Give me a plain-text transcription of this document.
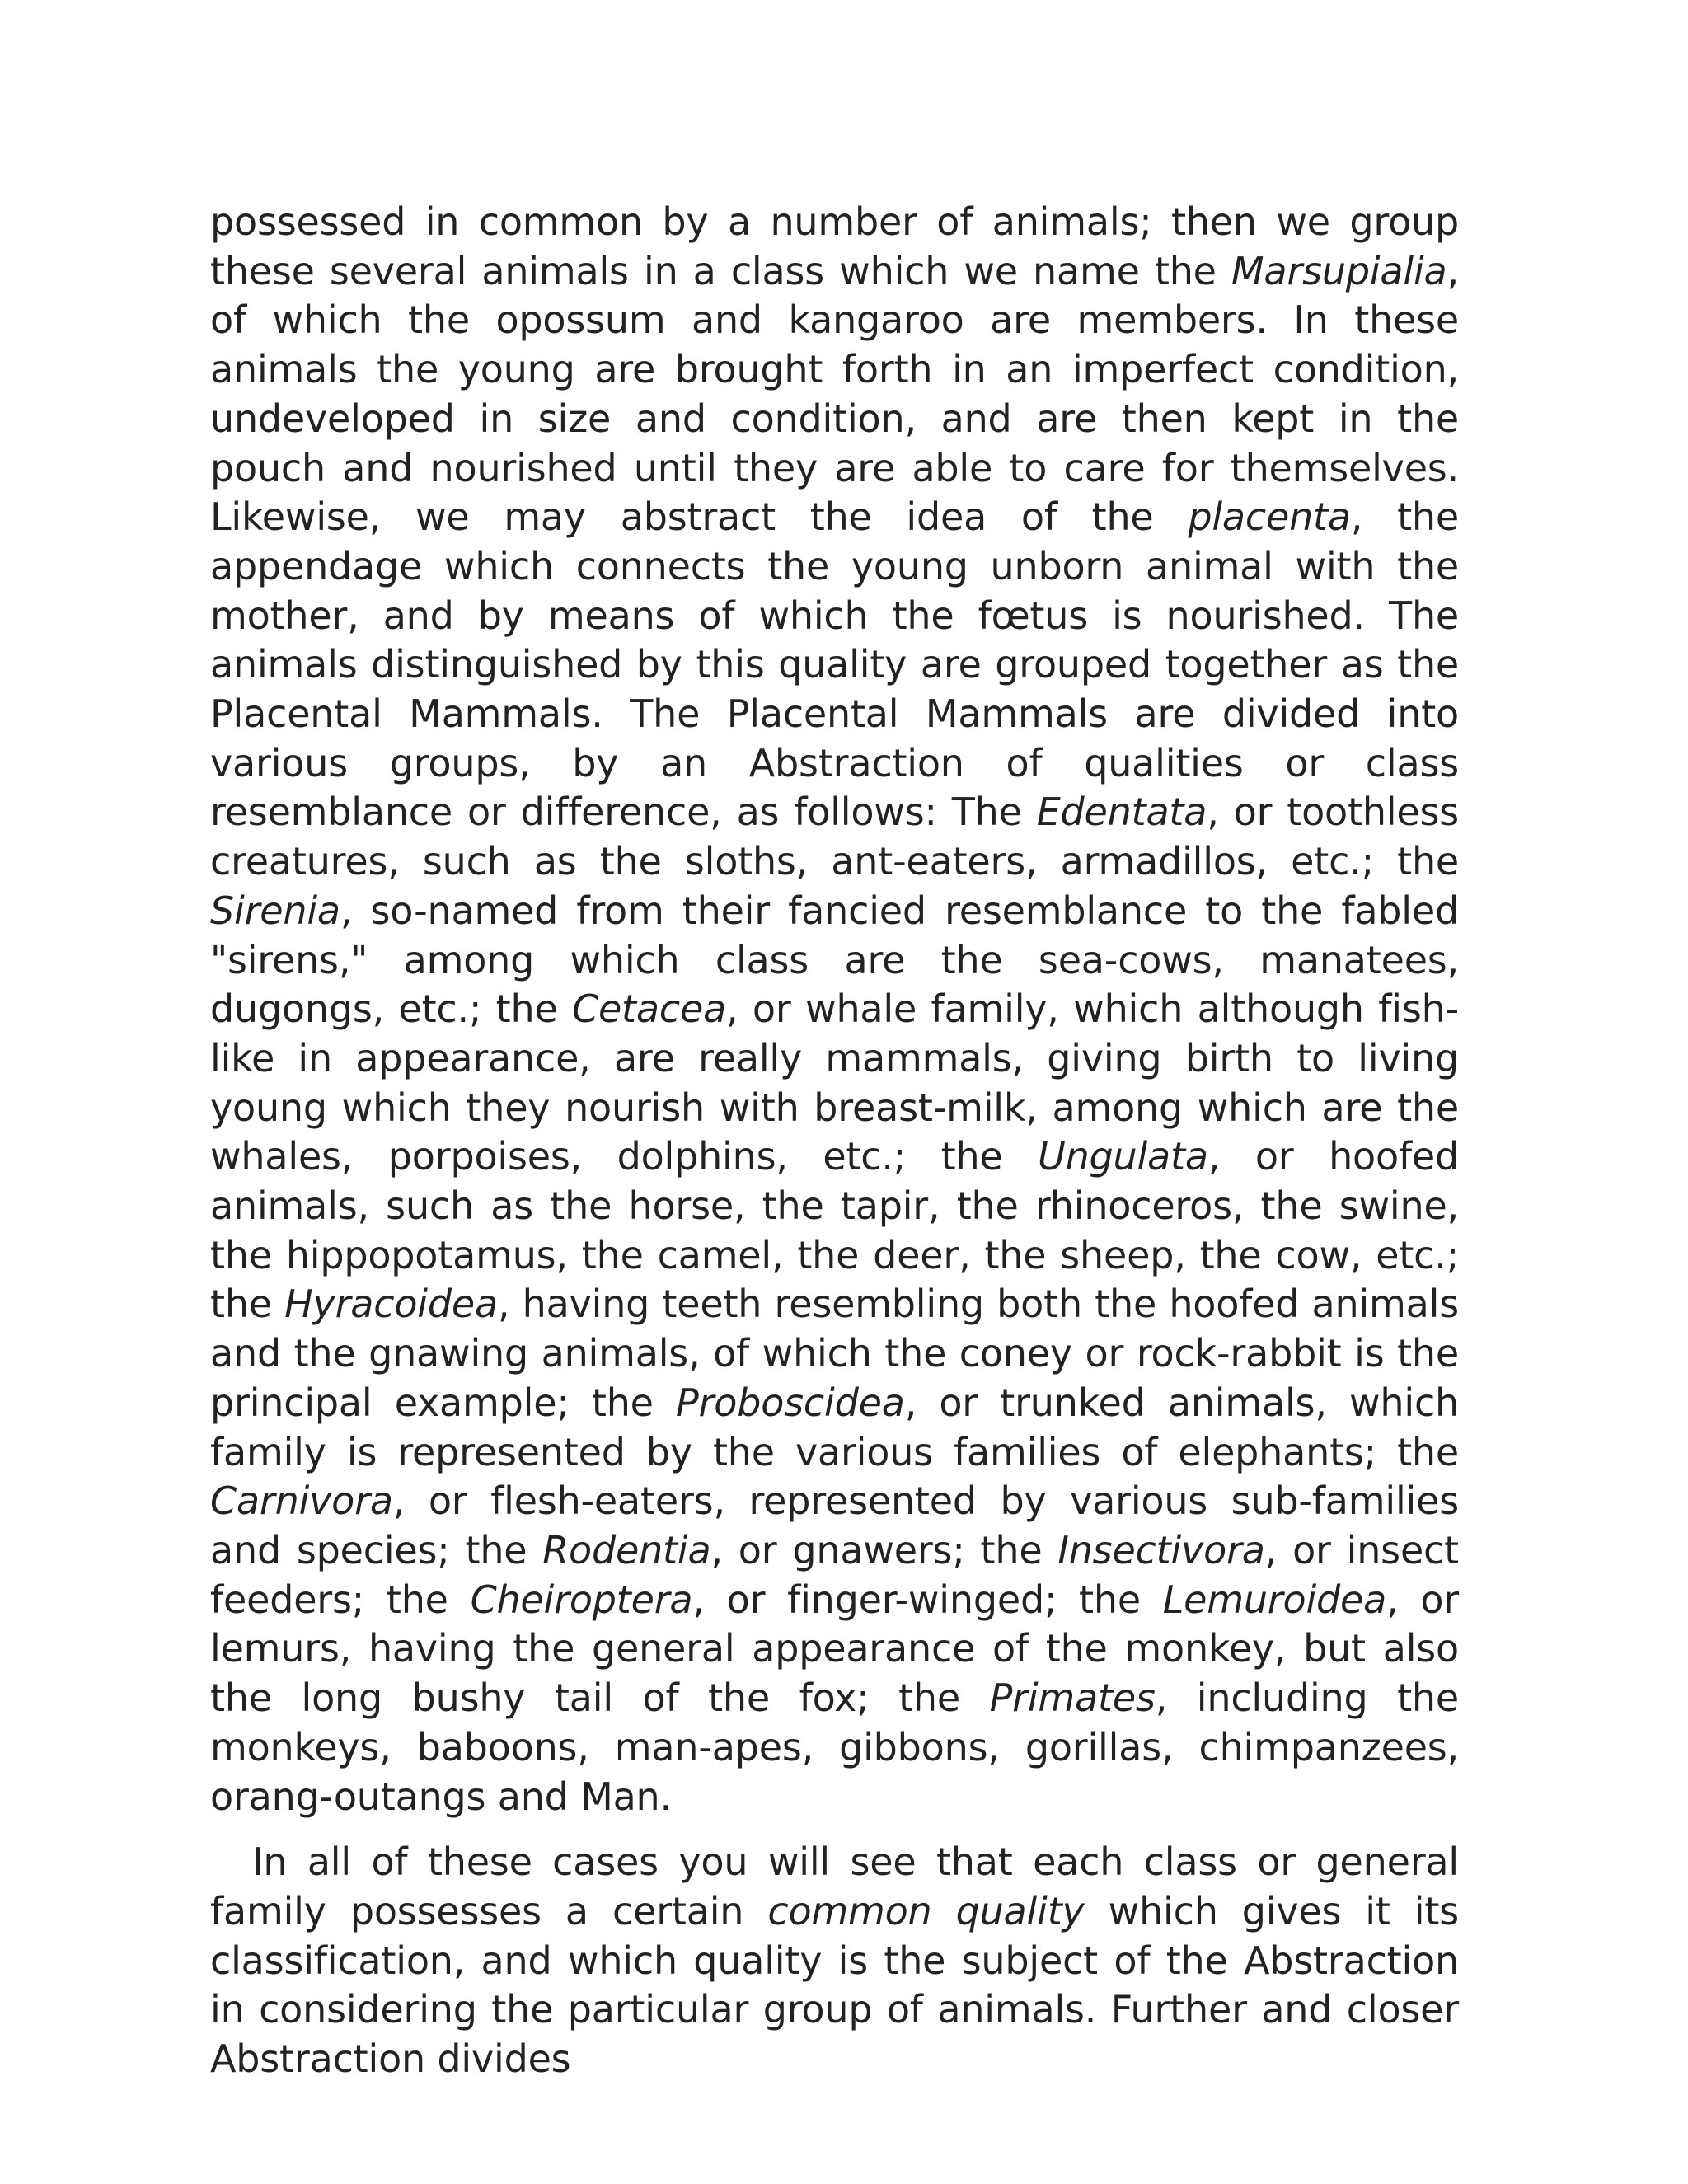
possessed in common by a number of animals; then we group these several animals in a class which we name the Marsupialia, of which the opossum and kangaroo are members. In these animals the young are brought forth in an imperfect condition, undeveloped in size and condition, and are then kept in the pouch and nourished until they are able to care for themselves. Likewise, we may abstract the idea of the placenta, the appendage which connects the young unborn animal with the mother, and by means of which the fœtus is nourished. The animals distinguished by this quality are grouped together as the Placental Mammals. The Placental Mammals are divided into various groups, by an Abstraction of qualities or class resemblance or difference, as follows: The Edentata, or toothless creatures, such as the sloths, ant-eaters, armadillos, etc.; the Sirenia, so-named from their fancied resemblance to the fabled "sirens," among which class are the sea-cows, manatees, dugongs, etc.; the Cetacea, or whale family, which although fish-like in appearance, are really mammals, giving birth to living young which they nourish with breast-milk, among which are the whales, porpoises, dolphins, etc.; the Ungulata, or hoofed animals, such as the horse, the tapir, the rhinoceros, the swine, the hippopotamus, the camel, the deer, the sheep, the cow, etc.; the Hyracoidea, having teeth resembling both the hoofed animals and the gnawing animals, of which the coney or rock-rabbit is the principal example; the Proboscidea, or trunked animals, which family is represented by the various families of elephants; the Carnivora, or flesh-eaters, represented by various sub-families and species; the Rodentia, or gnawers; the Insectivora, or insect feeders; the Cheiroptera, or finger-winged; the Lemuroidea, or lemurs, having the general appearance of the monkey, but also the long bushy tail of the fox; the Primates, including the monkeys, baboons, man-apes, gibbons, gorillas, chimpanzees, orang-outangs and Man.

In all of these cases you will see that each class or general family possesses a certain common quality which gives it its classification, and which quality is the subject of the Abstraction in considering the particular group of animals. Further and closer Abstraction divides
